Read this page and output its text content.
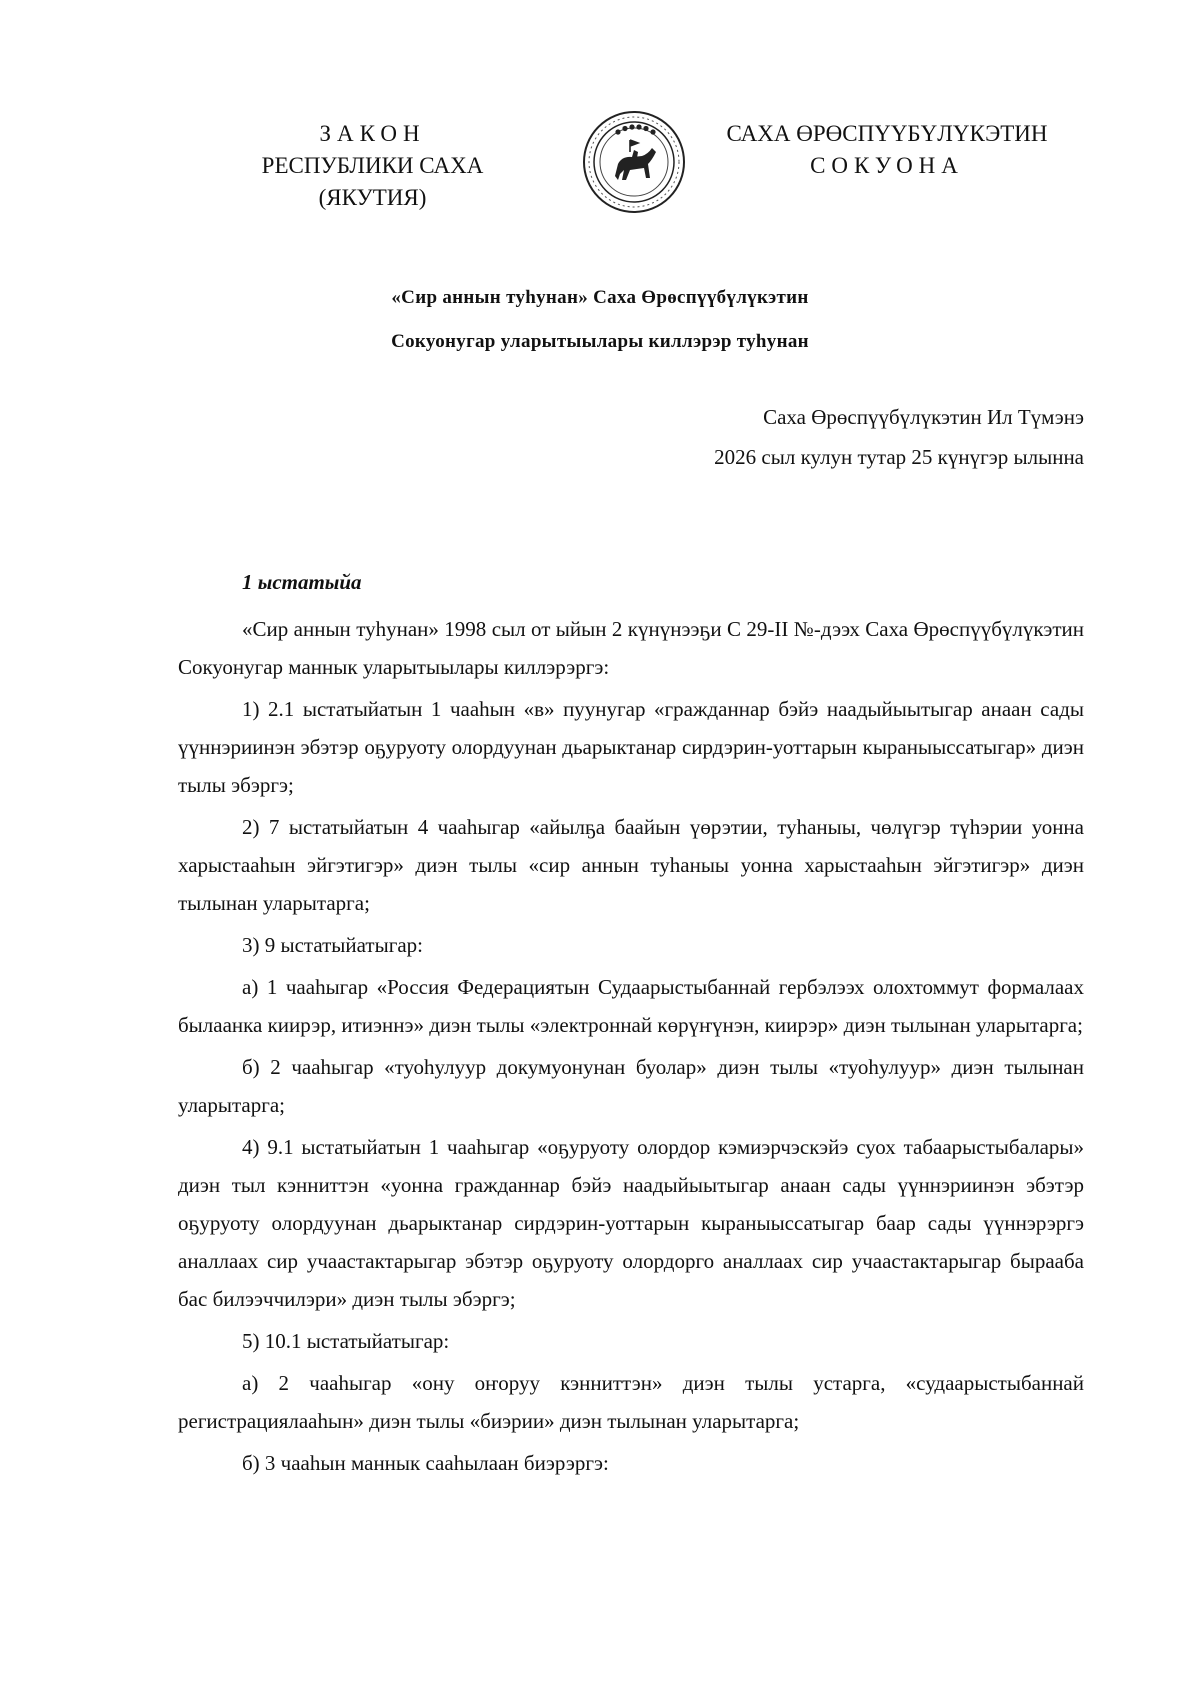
ЗАКОН
РЕСПУБЛИКИ САХА (ЯКУТИЯ)
САХА ӨРӨСПҮҮБҮЛҮКЭТИН
СОКУОНА
«Сир аннын туһунан» Саха Өрөспүүбүлүкэтин
Сокуонугар уларытыылары киллэрэр туһунан
Саха Өрөспүүбүлүкэтин Ил Түмэнэ
2026 сыл кулун тутар 25 күнүгэр ылынна
1 ыстатыйа

«Сир аннын туһунан» 1998 сыл от ыйын 2 күнүнээҕи С 29-II №-дээх Саха Өрөспүүбүлүкэтин Сокуонугар маннык уларытыылары киллэрэргэ:

1) 2.1 ыстатыйатын 1 чааһын «в» пуунугар «гражданнар бэйэ наадыйыытыгар анаан сады үүннэриинэн эбэтэр оҕуруоту олордуунан дьарыктанар сирдэрин-уоттарын кыраныыссатыгар» диэн тылы эбэргэ;

2) 7 ыстатыйатын 4 чааһыгар «айылҕа баайын үөрэтии, туһаныы, чөлүгэр түһэрии уонна харыстааһын эйгэтигэр» диэн тылы «сир аннын туһаныы уонна харыстааһын эйгэтигэр» диэн тылынан уларытарга;

3) 9 ыстатыйатыгар:

а) 1 чааһыгар «Россия Федерациятын Судаарыстыбаннай гербэлээх олохтоммут формалаах былаанка киирэр, итиэннэ» диэн тылы «электроннай көрүҥүнэн, киирэр» диэн тылынан уларытарга;

б) 2 чааһыгар «туоһулуур докумуонунан буолар» диэн тылы «туоһулуур» диэн тылынан уларытарга;

4) 9.1 ыстатыйатын 1 чааһыгар «оҕуруоту олордор кэмиэрчэскэйэ суох табаарыстыбалары» диэн тыл кэнниттэн «уонна гражданнар бэйэ наадыйыытыгар анаан сады үүннэриинэн эбэтэр оҕуруоту олордуунан дьарыктанар сирдэрин-уоттарын кыраныыссатыгар баар сады үүннэрэргэ аналлаах сир учаастактарыгар эбэтэр оҕуруоту олордорго аналлаах сир учаастактарыгар бырааба бас билээччилэри» диэн тылы эбэргэ;

5) 10.1 ыстатыйатыгар:

а) 2 чааһыгар «ону оҥоруу кэнниттэн» диэн тылы устарга, «судаарыстыбаннай регистрациялааһын» диэн тылы «биэрии» диэн тылынан уларытарга;

б) 3 чааһын маннык сааһылаан биэрэргэ:
